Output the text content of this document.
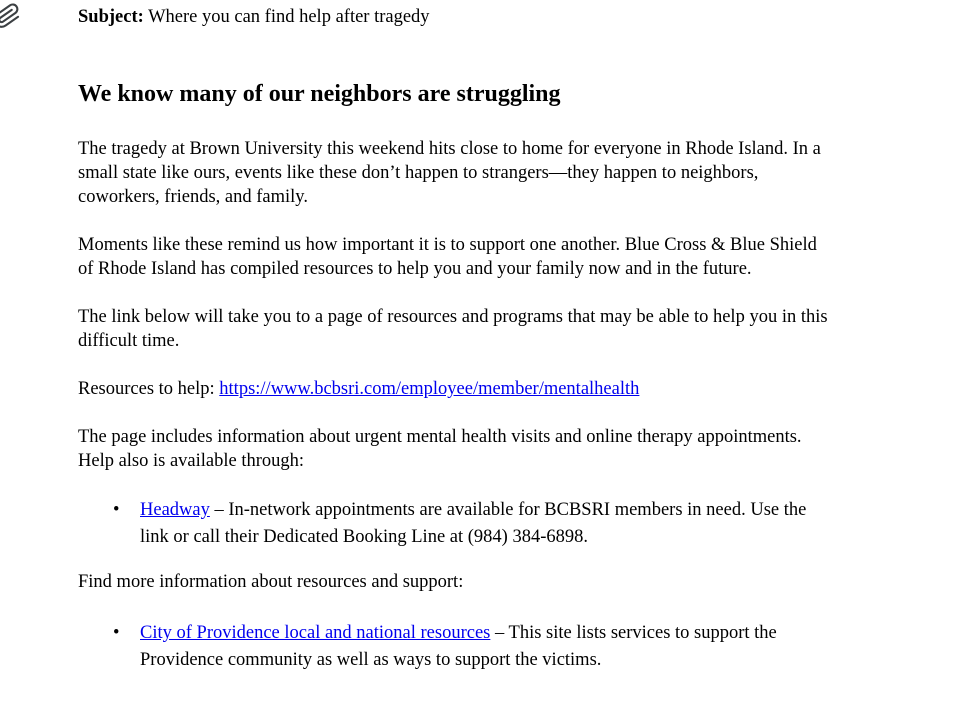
Subject: Where you can find help after tragedy

We know many of our neighbors are struggling

The tragedy at Brown University this weekend hits close to home for everyone in Rhode Island. In a small state like ours, events like these don’t happen to strangers—they happen to neighbors, coworkers, friends, and family.

Moments like these remind us how important it is to support one another. Blue Cross & Blue Shield of Rhode Island has compiled resources to help you and your family now and in the future.

The link below will take you to a page of resources and programs that may be able to help you in this difficult time.

Resources to help: https://www.bcbsri.com/employee/member/mentalhealth

The page includes information about urgent mental health visits and online therapy appointments. Help also is available through:

• Headway – In-network appointments are available for BCBSRI members in need. Use the link or call their Dedicated Booking Line at (984) 384-6898.

Find more information about resources and support:

• City of Providence local and national resources – This site lists services to support the Providence community as well as ways to support the victims.
